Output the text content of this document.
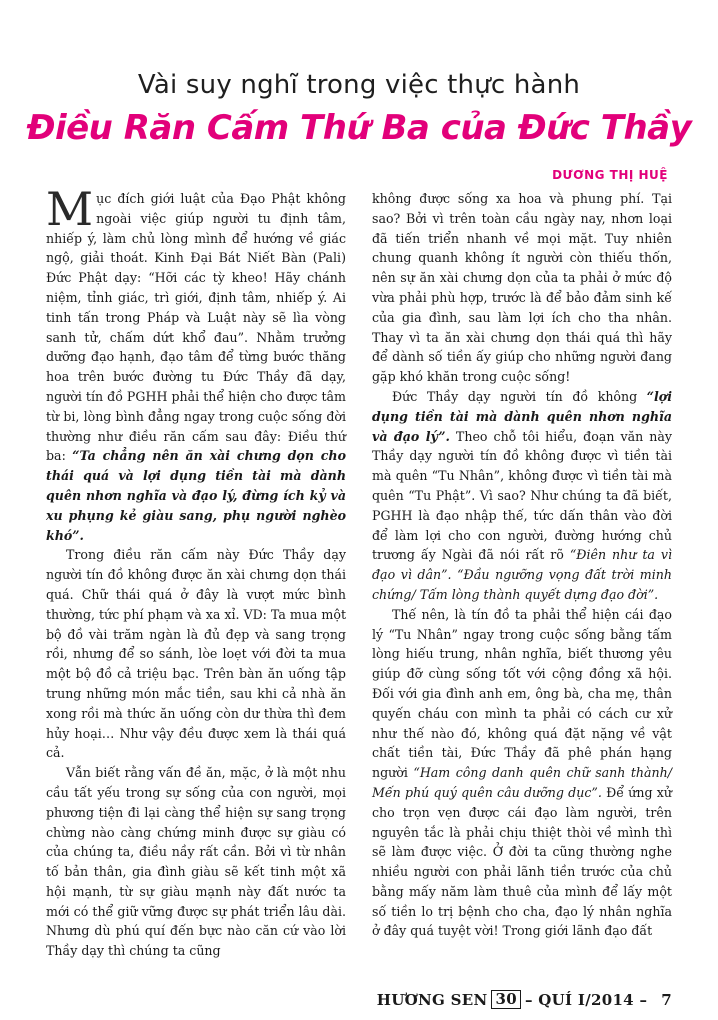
Vài suy nghĩ trong việc thực hành
Điều Răn Cấm Thứ Ba của Đức Thầy
DƯƠNG THỊ HUỆ

Mục đích giới luật của Đạo Phật không ngoài việc giúp người tu định tâm, nhiếp ý, làm chủ lòng mình để hướng về giác ngộ, giải thoát. Kinh Đại Bát Niết Bàn (Pali) Đức Phật dạy: “Hỡi các tỳ kheo! Hãy chánh niệm, tỉnh giác, trì giới, định tâm, nhiếp ý. Ai tinh tấn trong Pháp và Luật này sẽ lìa vòng sanh tử, chấm dứt khổ đau”. Nhằm trưởng dưỡng đạo hạnh, đạo tâm để từng bước thăng hoa trên bước đường tu Đức Thầy đã dạy, người tín đồ PGHH phải thể hiện cho được tâm từ bi, lòng bình đẳng ngay trong cuộc sống đời thường như điều răn cấm sau đây: Điều thứ ba: “Ta chẳng nên ăn xài chưng dọn cho thái quá và lợi dụng tiền tài mà dành quên nhơn nghĩa và đạo lý, đừng ích kỷ và xu phụng kẻ giàu sang, phụ người nghèo khó”.

Trong điều răn cấm này Đức Thầy dạy người tín đồ không được ăn xài chưng dọn thái quá. Chữ thái quá ở đây là vượt mức bình thường, tức phí phạm và xa xỉ. VD: Ta mua một bộ đồ vài trăm ngàn là đủ đẹp và sang trọng rồi, nhưng để so sánh, lòe loẹt với đời ta mua một bộ đồ cả triệu bạc. Trên bàn ăn uống tập trung những món mắc tiền, sau khi cả nhà ăn xong rồi mà thức ăn uống còn dư thừa thì đem hủy hoại… Như vậy đều được xem là thái quá cả.

Vẫn biết rằng vấn đề ăn, mặc, ở là một nhu cầu tất yếu trong sự sống của con người, mọi phương tiện đi lại càng thể hiện sự sang trọng chừng nào càng chứng minh được sự giàu có của chúng ta, điều nầy rất cần. Bởi vì từ nhân tố bản thân, gia đình giàu sẽ kết tinh một xã hội mạnh, từ sự giàu mạnh này đất nước ta mới có thể giữ vững được sự phát triển lâu dài. Nhưng dù phú quí đến bực nào căn cứ vào lời Thầy dạy thì chúng ta cũng

không được sống xa hoa và phung phí. Tại sao? Bởi vì trên toàn cầu ngày nay, nhơn loại đã tiến triển nhanh về mọi mặt. Tuy nhiên chung quanh không ít người còn thiếu thốn, nên sự ăn xài chưng dọn của ta phải ở mức độ vừa phải phù hợp, trước là để bảo đảm sinh kế của gia đình, sau làm lợi ích cho tha nhân. Thay vì ta ăn xài chưng dọn thái quá thì hãy để dành số tiền ấy giúp cho những người đang gặp khó khăn trong cuộc sống!

Đức Thầy dạy người tín đồ không “lợi dụng tiền tài mà dành quên nhơn nghĩa và đạo lý”. Theo chỗ tôi hiểu, đoạn văn này Thầy dạy người tín đồ không được vì tiền tài mà quên “Tu Nhân”, không được vì tiền tài mà quên “Tu Phật”. Vì sao? Như chúng ta đã biết, PGHH là đạo nhập thế, tức dấn thân vào đời để làm lợi cho con người, đường hướng chủ trương ấy Ngài đã nói rất rõ “Điên như ta vì đạo vì dân”. “Đầu ngưỡng vọng đất trời minh chứng/ Tấm lòng thành quyết dựng đạo đời”.

Thế nên, là tín đồ ta phải thể hiện cái đạo lý “Tu Nhân” ngay trong cuộc sống bằng tấm lòng hiếu trung, nhân nghĩa, biết thương yêu giúp đỡ cùng sống tốt với cộng đồng xã hội. Đối với gia đình anh em, ông bà, cha mẹ, thân quyến cháu con mình ta phải có cách cư xử như thế nào đó, không quá đặt nặng về vật chất tiền tài, Đức Thầy đã phê phán hạng người “Ham công danh quên chữ sanh thành/ Mến phú quý quên câu dưỡng dục”. Để ứng xử cho trọn vẹn được cái đạo làm người, trên nguyên tắc là phải chịu thiệt thòi về mình thì sẽ làm được việc. Ở đời ta cũng thường nghe nhiều người con phải lãnh tiền trước của chủ bằng mấy năm làm thuê của mình để lấy một số tiền lo trị bệnh cho cha, đạo lý nhân nghĩa ở đây quá tuyệt vời! Trong giới lãnh đạo đất

HƯƠNG SEN 30 – QUÍ I/2014 – 7
